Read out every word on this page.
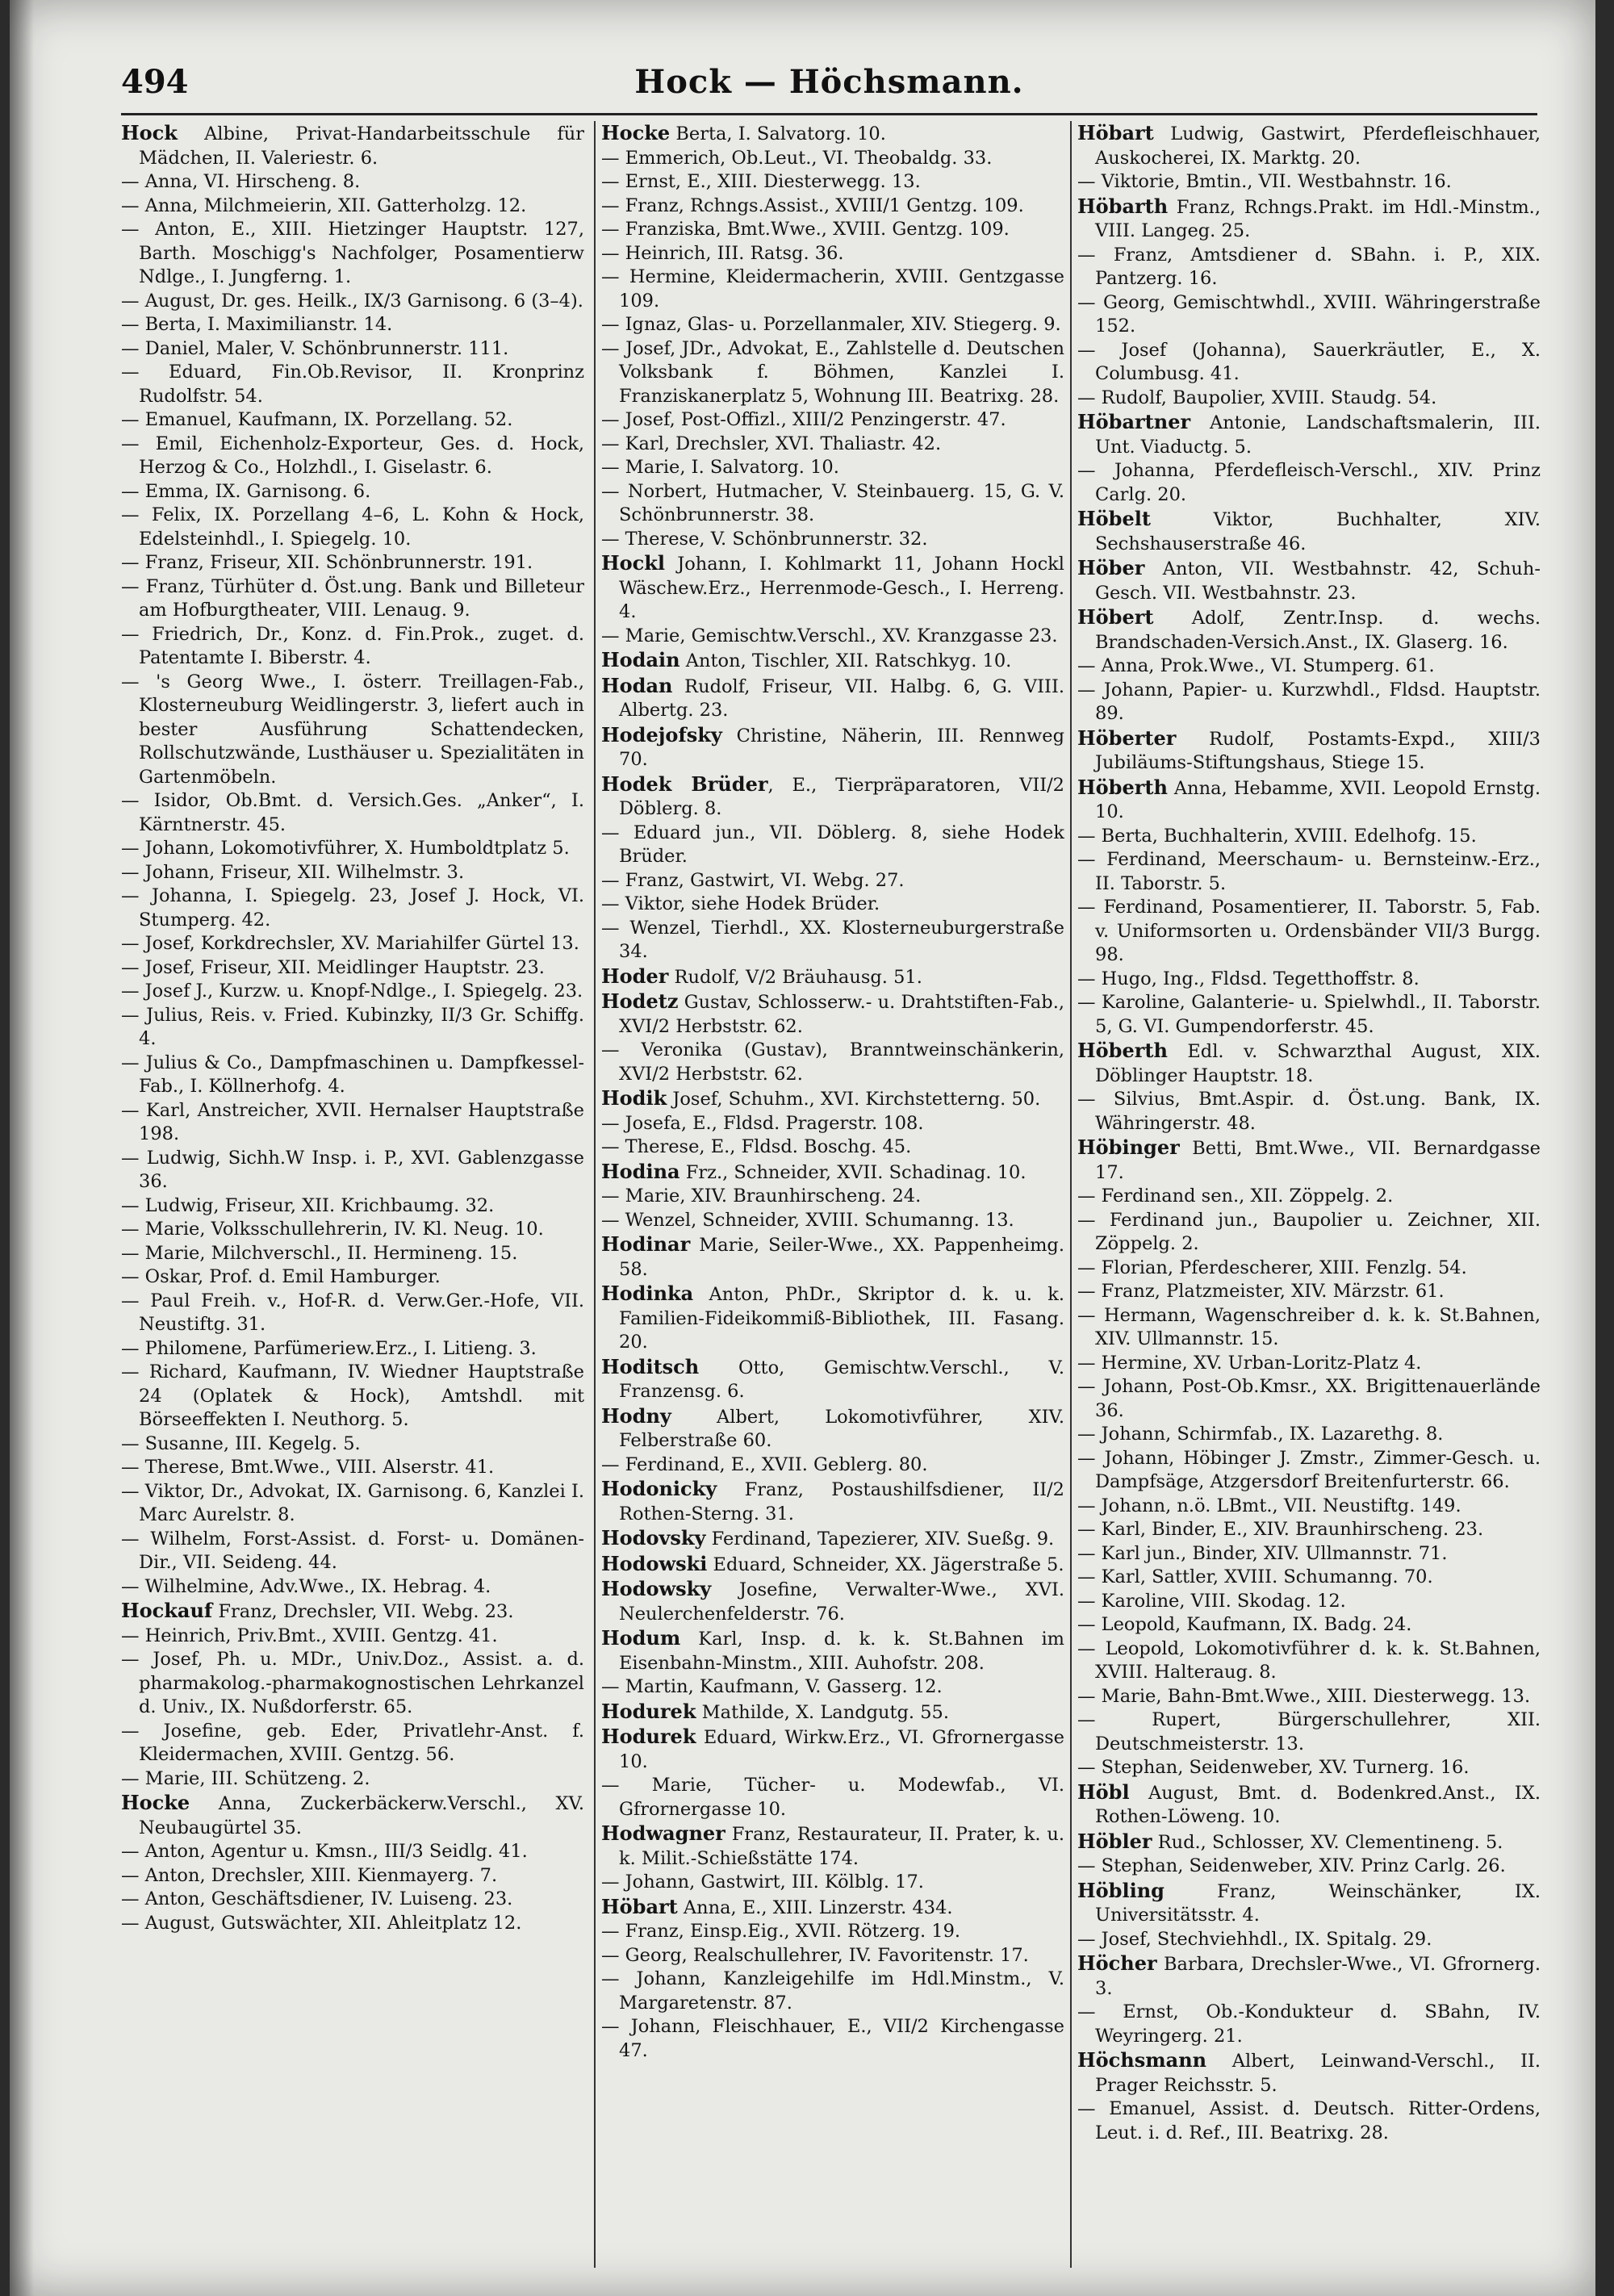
494	Hock — Höchsmann.

Hock Albine, Privat-Handarbeitsschule für Mädchen, II. Valeriestr. 6.

— Anna, VI. Hirscheng. 8.

— Anna, Milchmeierin, XII. Gatterholzg. 12.

— Anton, E., XIII. Hietzinger Hauptstr. 127, Barth. Moschigg's Nachfolger, Posamentierw Ndlge., I. Jungferng. 1.

— August, Dr. ges. Heilk., IX/3 Garnisong. 6 (3–4).

— Berta, I. Maximilianstr. 14.

— Daniel, Maler, V. Schönbrunnerstr. 111.

— Eduard, Fin.Ob.Revisor, II. Kronprinz Rudolfstr. 54.

— Emanuel, Kaufmann, IX. Porzellang. 52.

— Emil, Eichenholz-Exporteur, Ges. d. Hock, Herzog & Co., Holzhdl., I. Giselastr. 6.

— Emma, IX. Garnisong. 6.

— Felix, IX. Porzellang 4–6, L. Kohn & Hock, Edelsteinhdl., I. Spiegelg. 10.

— Franz, Friseur, XII. Schönbrunnerstr. 191.

— Franz, Türhüter d. Öst.ung. Bank und Billeteur am Hofburgtheater, VIII. Lenaug. 9.

— Friedrich, Dr., Konz. d. Fin.Prok., zuget. d. Patentamte I. Biberstr. 4.

— 's Georg Wwe., I. österr. Treillagen-Fab., Klosterneuburg Weidlingerstr. 3, liefert auch in bester Ausführung Schattendecken, Rollschutzwände, Lusthäuser u. Spezialitäten in Gartenmöbeln.

— Isidor, Ob.Bmt. d. Versich.Ges. „Anker“, I. Kärntnerstr. 45.

— Johann, Lokomotivführer, X. Humboldtplatz 5.

— Johann, Friseur, XII. Wilhelmstr. 3.

— Johanna, I. Spiegelg. 23, Josef J. Hock, VI. Stumperg. 42.

— Josef, Korkdrechsler, XV. Mariahilfer Gürtel 13.

— Josef, Friseur, XII. Meidlinger Hauptstr. 23.

— Josef J., Kurzw. u. Knopf-Ndlge., I. Spiegelg. 23.

— Julius, Reis. v. Fried. Kubinzky, II/3 Gr. Schiffg. 4.

— Julius & Co., Dampfmaschinen u. Dampfkessel-Fab., I. Köllnerhofg. 4.

— Karl, Anstreicher, XVII. Hernalser Hauptstraße 198.

— Ludwig, Sichh.W Insp. i. P., XVI. Gablenzgasse 36.

— Ludwig, Friseur, XII. Krichbaumg. 32.

— Marie, Volksschullehrerin, IV. Kl. Neug. 10.

— Marie, Milchverschl., II. Hermineng. 15.

— Oskar, Prof. d. Emil Hamburger.

— Paul Freih. v., Hof-R. d. Verw.Ger.-Hofe, VII. Neustiftg. 31.

— Philomene, Parfümeriew.Erz., I. Litieng. 3.

— Richard, Kaufmann, IV. Wiedner Hauptstraße 24 (Oplatek & Hock), Amtshdl. mit Börseeffekten I. Neuthorg. 5.

— Susanne, III. Kegelg. 5.

— Therese, Bmt.Wwe., VIII. Alserstr. 41.

— Viktor, Dr., Advokat, IX. Garnisong. 6, Kanzlei I. Marc Aurelstr. 8.

— Wilhelm, Forst-Assist. d. Forst- u. Domänen-Dir., VII. Seideng. 44.

— Wilhelmine, Adv.Wwe., IX. Hebrag. 4.

Hockauf Franz, Drechsler, VII. Webg. 23.

— Heinrich, Priv.Bmt., XVIII. Gentzg. 41.

— Josef, Ph. u. MDr., Univ.Doz., Assist. a. d. pharmakolog.-pharmakognostischen Lehrkanzel d. Univ., IX. Nußdorferstr. 65.

— Josefine, geb. Eder, Privatlehr-Anst. f. Kleidermachen, XVIII. Gentzg. 56.

— Marie, III. Schützeng. 2.

Hocke Anna, Zuckerbäckerw.Verschl., XV. Neubaugürtel 35.

— Anton, Agentur u. Kmsn., III/3 Seidlg. 41.

— Anton, Drechsler, XIII. Kienmayerg. 7.

— Anton, Geschäftsdiener, IV. Luiseng. 23.

— August, Gutswächter, XII. Ahleitplatz 12.

Hocke Berta, I. Salvatorg. 10.

— Emmerich, Ob.Leut., VI. Theobaldg. 33.

— Ernst, E., XIII. Diesterwegg. 13.

— Franz, Rchngs.Assist., XVIII/1 Gentzg. 109.

— Franziska, Bmt.Wwe., XVIII. Gentzg. 109.

— Heinrich, III. Ratsg. 36.

— Hermine, Kleidermacherin, XVIII. Gentzgasse 109.

— Ignaz, Glas- u. Porzellanmaler, XIV. Stiegerg. 9.

— Josef, JDr., Advokat, E., Zahlstelle d. Deutschen Volksbank f. Böhmen, Kanzlei I. Franziskanerplatz 5, Wohnung III. Beatrixg. 28.

— Josef, Post-Offizl., XIII/2 Penzingerstr. 47.

— Karl, Drechsler, XVI. Thaliastr. 42.

— Marie, I. Salvatorg. 10.

— Norbert, Hutmacher, V. Steinbauerg. 15, G. V. Schönbrunnerstr. 38.

— Therese, V. Schönbrunnerstr. 32.

Hockl Johann, I. Kohlmarkt 11, Johann Hockl Wäschew.Erz., Herrenmode-Gesch., I. Herreng. 4.

— Marie, Gemischtw.Verschl., XV. Kranzgasse 23.

Hodain Anton, Tischler, XII. Ratschkyg. 10.

Hodan Rudolf, Friseur, VII. Halbg. 6, G. VIII. Albertg. 23.

Hodejofsky Christine, Näherin, III. Rennweg 70.

Hodek Brüder, E., Tierpräparatoren, VII/2 Döblerg. 8.

— Eduard jun., VII. Döblerg. 8, siehe Hodek Brüder.

— Franz, Gastwirt, VI. Webg. 27.

— Viktor, siehe Hodek Brüder.

— Wenzel, Tierhdl., XX. Klosterneuburgerstraße 34.

Hoder Rudolf, V/2 Bräuhausg. 51.

Hodetz Gustav, Schlosserw.- u. Drahtstiften-Fab., XVI/2 Herbststr. 62.

— Veronika (Gustav), Branntweinschänkerin, XVI/2 Herbststr. 62.

Hodik Josef, Schuhm., XVI. Kirchstetterng. 50.

— Josefa, E., Fldsd. Pragerstr. 108.

— Therese, E., Fldsd. Boschg. 45.

Hodina Frz., Schneider, XVII. Schadinag. 10.

— Marie, XIV. Braunhirscheng. 24.

— Wenzel, Schneider, XVIII. Schumanng. 13.

Hodinar Marie, Seiler-Wwe., XX. Pappenheimg. 58.

Hodinka Anton, PhDr., Skriptor d. k. u. k. Familien-Fideikommiß-Bibliothek, III. Fasang. 20.

Hoditsch Otto, Gemischtw.Verschl., V. Franzensg. 6.

Hodny Albert, Lokomotivführer, XIV. Felberstraße 60.

— Ferdinand, E., XVII. Geblerg. 80.

Hodonicky Franz, Postaushilfsdiener, II/2 Rothen-Sterng. 31.

Hodovsky Ferdinand, Tapezierer, XIV. Sueßg. 9.

Hodowski Eduard, Schneider, XX. Jägerstraße 5.

Hodowsky Josefine, Verwalter-Wwe., XVI. Neulerchenfelderstr. 76.

Hodum Karl, Insp. d. k. k. St.Bahnen im Eisenbahn-Minstm., XIII. Auhofstr. 208.

— Martin, Kaufmann, V. Gasserg. 12.

Hodurek Mathilde, X. Landgutg. 55.

Hodurek Eduard, Wirkw.Erz., VI. Gfrornergasse 10.

— Marie, Tücher- u. Modewfab., VI. Gfrornergasse 10.

Hodwagner Franz, Restaurateur, II. Prater, k. u. k. Milit.-Schießstätte 174.

— Johann, Gastwirt, III. Kölblg. 17.

Höbart Anna, E., XIII. Linzerstr. 434.

— Franz, Einsp.Eig., XVII. Rötzerg. 19.

— Georg, Realschullehrer, IV. Favoritenstr. 17.

— Johann, Kanzleigehilfe im Hdl.Minstm., V. Margaretenstr. 87.

— Johann, Fleischhauer, E., VII/2 Kirchengasse 47.

Höbart Ludwig, Gastwirt, Pferdefleischhauer, Auskocherei, IX. Marktg. 20.

— Viktorie, Bmtin., VII. Westbahnstr. 16.

Höbarth Franz, Rchngs.Prakt. im Hdl.-Minstm., VIII. Langeg. 25.

— Franz, Amtsdiener d. SBahn. i. P., XIX. Pantzerg. 16.

— Georg, Gemischtwhdl., XVIII. Währingerstraße 152.

— Josef (Johanna), Sauerkräutler, E., X. Columbusg. 41.

— Rudolf, Baupolier, XVIII. Staudg. 54.

Höbartner Antonie, Landschaftsmalerin, III. Unt. Viaductg. 5.

— Johanna, Pferdefleisch-Verschl., XIV. Prinz Carlg. 20.

Höbelt Viktor, Buchhalter, XIV. Sechshauserstraße 46.

Höber Anton, VII. Westbahnstr. 42, Schuh-Gesch. VII. Westbahnstr. 23.

Höbert Adolf, Zentr.Insp. d. wechs. Brandschaden-Versich.Anst., IX. Glaserg. 16.

— Anna, Prok.Wwe., VI. Stumperg. 61.

— Johann, Papier- u. Kurzwhdl., Fldsd. Hauptstr. 89.

Höberter Rudolf, Postamts-Expd., XIII/3 Jubiläums-Stiftungshaus, Stiege 15.

Höberth Anna, Hebamme, XVII. Leopold Ernstg. 10.

— Berta, Buchhalterin, XVIII. Edelhofg. 15.

— Ferdinand, Meerschaum- u. Bernsteinw.-Erz., II. Taborstr. 5.

— Ferdinand, Posamentierer, II. Taborstr. 5, Fab. v. Uniformsorten u. Ordensbänder VII/3 Burgg. 98.

— Hugo, Ing., Fldsd. Tegetthoffstr. 8.

— Karoline, Galanterie- u. Spielwhdl., II. Taborstr. 5, G. VI. Gumpendorferstr. 45.

Höberth Edl. v. Schwarzthal August, XIX. Döblinger Hauptstr. 18.

— Silvius, Bmt.Aspir. d. Öst.ung. Bank, IX. Währingerstr. 48.

Höbinger Betti, Bmt.Wwe., VII. Bernardgasse 17.

— Ferdinand sen., XII. Zöppelg. 2.

— Ferdinand jun., Baupolier u. Zeichner, XII. Zöppelg. 2.

— Florian, Pferdescherer, XIII. Fenzlg. 54.

— Franz, Platzmeister, XIV. Märzstr. 61.

— Hermann, Wagenschreiber d. k. k. St.Bahnen, XIV. Ullmannstr. 15.

— Hermine, XV. Urban-Loritz-Platz 4.

— Johann, Post-Ob.Kmsr., XX. Brigittenauerlände 36.

— Johann, Schirmfab., IX. Lazarethg. 8.

— Johann, Höbinger J. Zmstr., Zimmer-Gesch. u. Dampfsäge, Atzgersdorf Breitenfurterstr. 66.

— Johann, n.ö. LBmt., VII. Neustiftg. 149.

— Karl, Binder, E., XIV. Braunhirscheng. 23.

— Karl jun., Binder, XIV. Ullmannstr. 71.

— Karl, Sattler, XVIII. Schumanng. 70.

— Karoline, VIII. Skodag. 12.

— Leopold, Kaufmann, IX. Badg. 24.

— Leopold, Lokomotivführer d. k. k. St.Bahnen, XVIII. Halteraug. 8.

— Marie, Bahn-Bmt.Wwe., XIII. Diesterwegg. 13.

— Rupert, Bürgerschullehrer, XII. Deutschmeisterstr. 13.

— Stephan, Seidenweber, XV. Turnerg. 16.

Höbl August, Bmt. d. Bodenkred.Anst., IX. Rothen-Löweng. 10.

Höbler Rud., Schlosser, XV. Clementineng. 5.

— Stephan, Seidenweber, XIV. Prinz Carlg. 26.

Höbling Franz, Weinschänker, IX. Universitätsstr. 4.

— Josef, Stechviehhdl., IX. Spitalg. 29.

Höcher Barbara, Drechsler-Wwe., VI. Gfrornerg. 3.

— Ernst, Ob.-Kondukteur d. SBahn, IV. Weyringerg. 21.

Höchsmann Albert, Leinwand-Verschl., II. Prager Reichsstr. 5.

— Emanuel, Assist. d. Deutsch. Ritter-Ordens, Leut. i. d. Ref., III. Beatrixg. 28.
